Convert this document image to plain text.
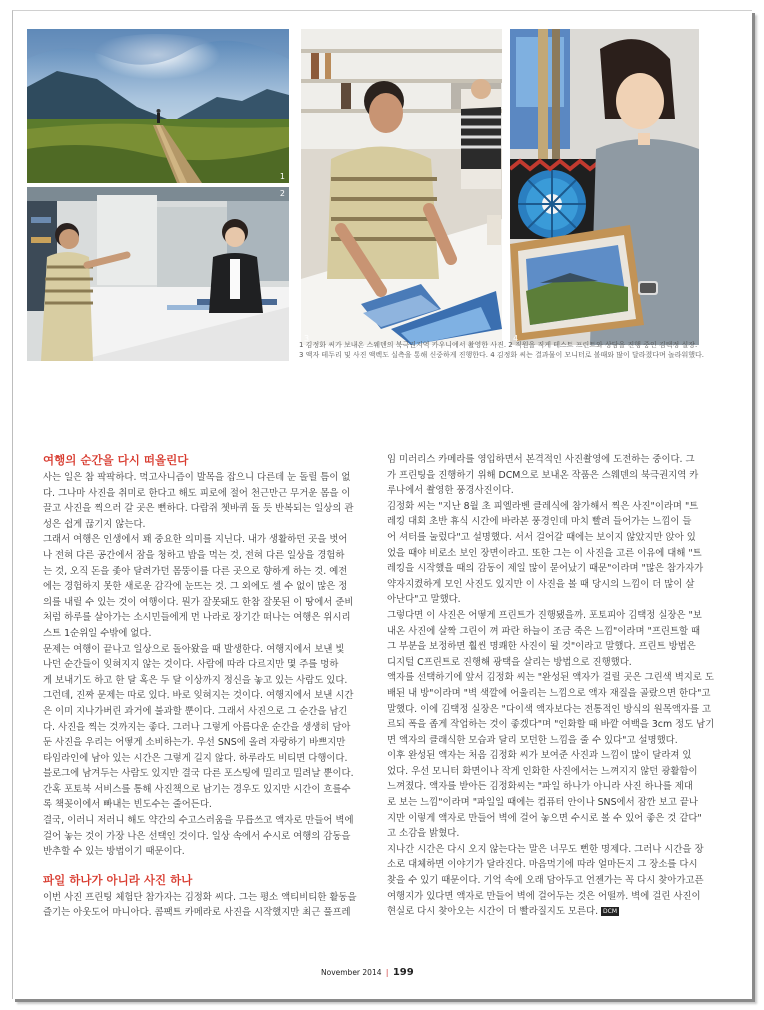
1
2
3	4
1 김정화 씨가 보내온 스웨덴의 북극권지역 카우니에서 촬영한 사진. 2 직원을 직게 테스트 프린트와 상담을 진행 중인 김택정 실장.
3 액자 테두리 및 사진 액렉도 실측을 통해 신중하게 진행한다. 4 김정화 씨는 결과물이 모니터로 볼때와 많이 달라졌다며 놀라워했다.
여행의 순간을 다시 떠올린다

사는 일은 참 팍팍하다. 먹고사니즘이 발목을 잡으니 다른데 눈 돌릴 틈이 없
다. 그나마 사진을 취미로 한다고 해도 피로에 절어 천근만근 무거운 몸을 이
끌고 사진을 찍으러 갈 곳은 뻔하다. 다람쥐 쳇바퀴 돌 듯 반복되는 일상의 관
성은 쉽게 끊기지 않는다.
그래서 여행은 인생에서 꽤 중요한 의미를 지닌다. 내가 생활하던 곳을 벗어
나 전혀 다른 공간에서 잠을 청하고 밥을 먹는 것, 전혀 다른 일상을 경험하
는 것, 오직 돈을 좇아 달려가던 몸뚱이를 다른 곳으로 향하게 하는 것. 예전
에는 경험하지 못한 새로운 감각에 눈뜨는 것. 그 외에도 셀 수 없이 많은 정
의를 내릴 수 있는 것이 여행이다. 뭔가 잘못돼도 한참 잘못된 이 땅에서 준비
처럼 하루를 살아가는 소시민들에게 먼 나라로 장기간 떠나는 여행은 위시리
스트 1순위일 수밖에 없다.
문제는 여행이 끝나고 일상으로 돌아왔을 때 발생한다. 여행지에서 보낸 빛
나던 순간들이 잊혀지지 않는 것이다. 사람에 따라 다르지만 몇 주를 멍하
게 보내기도 하고 한 달 혹은 두 달 이상까지 정신을 놓고 있는 사람도 있다.
그런데, 진짜 문제는 따로 있다. 바로 잊혀지는 것이다. 여행지에서 보낸 시간
은 이미 지나가버린 과거에 불과할 뿐이다. 그래서 사진으로 그 순간을 남긴
다. 사진을 찍는 것까지는 좋다. 그러나 그렇게 아름다운 순간을 생생히 담아
둔 사진을 우리는 어떻게 소비하는가. 우선 SNS에 올려 자랑하기 바쁘지만
타임라인에 남아 있는 시간은 그렇게 길지 않다. 하루라도 비티면 다행이다.
블로그에 남겨두는 사람도 있지만 결국 다른 포스팅에 밀리고 밀려날 뿐이다.
간혹 포토북 서비스를 통해 사진책으로 남기는 경우도 있지만 시간이 흐를수
록 책꽂이에서 빠내는 빈도수는 줄어든다.
결국, 이러니 저러니 해도 약간의 수고스러움을 무릅쓰고 액자로 만들어 벽에
걸어 놓는 것이 가장 나은 선택인 것이다. 일상 속에서 수시로 여행의 감동을
반추할 수 있는 방법이기 때문이다.

파일 하나가 아니라 사진 하나

이번 사진 프린팅 체험단 참가자는 김정화 씨다. 그는 평소 액티비티한 활동을
즐기는 아웃도어 마니아다. 콤팩트 카메라로 사진을 시작했지만 최근 풀프레

임 미러리스 카메라를 영입하면서 본격적인 사진촬영에 도전하는 중이다. 그
가 프린팅을 진행하기 위해 DCM으로 보내온 작품은 스웨덴의 북극권지역 카
루나에서 촬영한 풍경사진이다.
김정화 씨는 "지난 8월 초 피엘라벤 클레식에 참가해서 찍은 사진"이라며 "트
레킹 대회 초반 휴식 시간에 바라본 풍경인데 마치 빨려 들어가는 느낌이 들
어 셔터를 눌렀다"고 설명했다. 서서 걸어갈 때에는 보이지 않았지만 앉아 있
었을 때야 비로소 보인 장면이라고. 또한 그는 이 사진을 고른 이유에 대해 "트
레킹을 시작했을 때의 감동이 제일 많이 묻어났기 때문"이라며 "많은 참가자가
약자지켰하게 모인 사진도 있지만 이 사진을 볼 때 당시의 느낌이 더 많이 살
아난다"고 말했다.
그렇다면 이 사진은 어떻게 프린트가 진행됐을까. 포토피아 김택정 실장은 "보
내온 사진에 살짝 그린이 껴 파란 하늘이 조금 죽은 느낌"이라며 "프린트할 때
그 부분을 보정하면 훨씬 명쾌한 사진이 될 것"이라고 말했다. 프린트 방법은
디지털 C프린트로 진행해 광택을 살리는 방법으로 진행했다.
액자를 선택하기에 앞서 김정화 씨는 "완성된 액자가 걸릴 곳은 그린색 벽지로 도
배된 내 방"이라며 "벽 색깔에 어울리는 느낌으로 액자 재질을 골랐으면 한다"고
말했다. 이에 김택정 실장은 "다이색 액자보다는 전통적인 방식의 원목액자를 고
르되 폭을 좁게 작업하는 것이 좋겠다"며 "인화할 때 바깥 여백을 3cm 정도 남기
면 액자의 클래식한 모습과 달리 모던한 느낌을 줄 수 있다"고 설명했다.
이후 완성된 액자는 처음 김정화 씨가 보여준 사진과 느낌이 많이 달라져 있
었다. 우선 모니터 화면이나 작게 인화한 사진에서는 느껴지지 않던 광활함이
느껴졌다. 액자를 받아든 김정화씨는 "파일 하나가 아니라 사진 하나를 제대
로 보는 느낌"이라며 "파일일 때에는 컴퓨터 안이나 SNS에서 잠깐 보고 끝나
지만 이렇게 액자로 만들어 벽에 걸어 놓으면 수시로 볼 수 있어 좋은 것 같다"
고 소감을 밝혔다.
지나간 시간은 다시 오지 않는다는 말은 너무도 뻔한 명제다. 그러나 시간을 장
소로 대체하면 이야기가 달라진다. 마음먹기에 따라 얼마든지 그 장소를 다시
찾을 수 있기 때문이다. 기억 속에 오래 담아두고 언젠가는 꼭 다시 찾아가고픈
여행지가 있다면 액자로 만들어 벽에 걸어두는 것은 어떨까. 벽에 걸린 사진이
현실로 다시 찾아오는 시간이 더 빨라질지도 모른다. DCM

November 2014 | 199
